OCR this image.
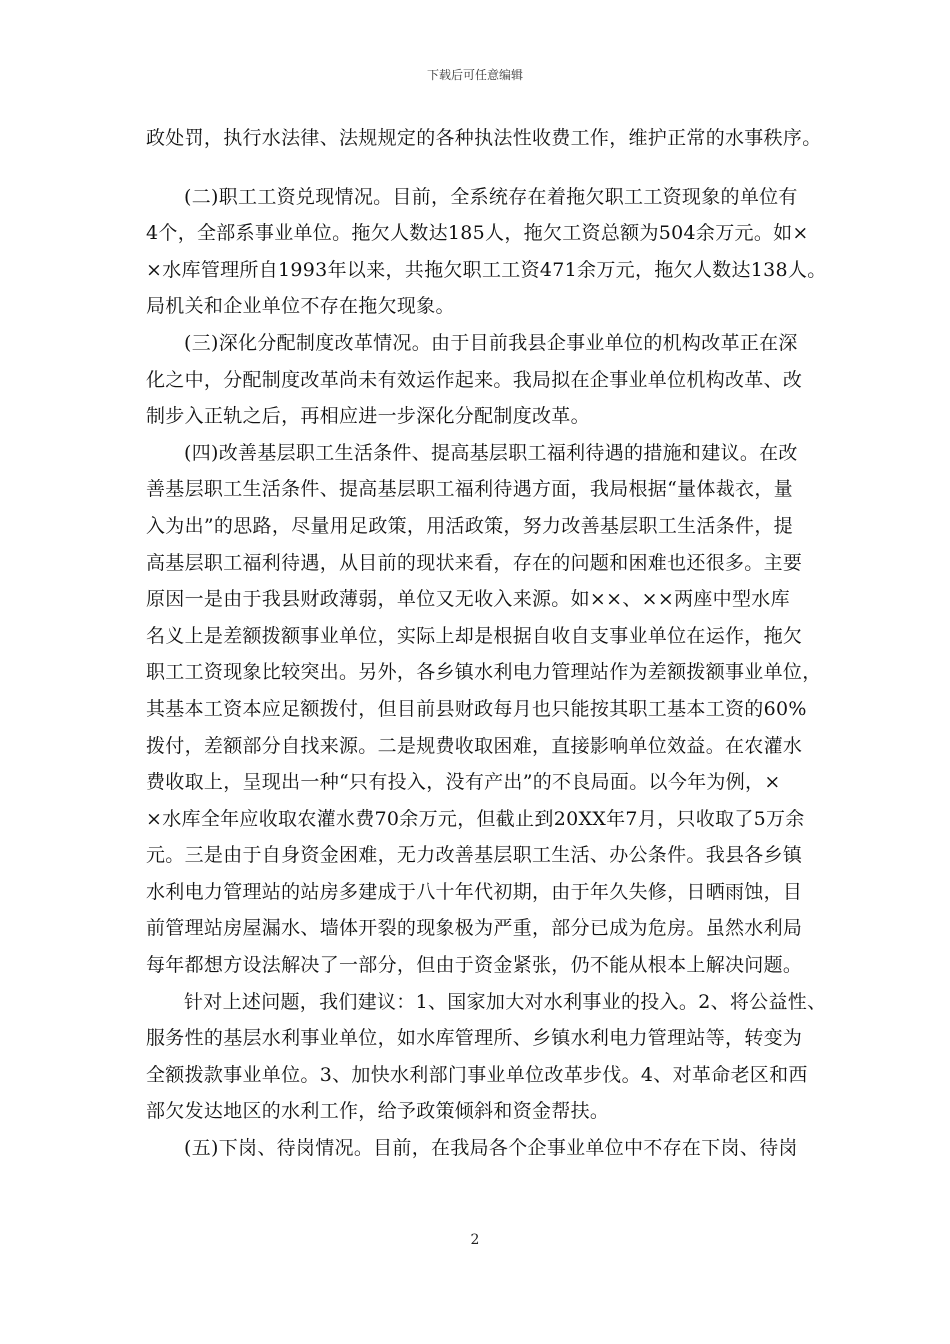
下载后可任意编辑
政处罚，执行水法律、法规规定的各种执法性收费工作，维护正常的水事秩序。
(二)职工工资兑现情况。目前，全系统存在着拖欠职工工资现象的单位有
4个，全部系事业单位。拖欠人数达185人，拖欠工资总额为504余万元。如×
×水库管理所自1993年以来，共拖欠职工工资471余万元，拖欠人数达138人。
局机关和企业单位不存在拖欠现象。
(三)深化分配制度改革情况。由于目前我县企事业单位的机构改革正在深
化之中，分配制度改革尚未有效运作起来。我局拟在企事业单位机构改革、改
制步入正轨之后，再相应进一步深化分配制度改革。
(四)改善基层职工生活条件、提高基层职工福利待遇的措施和建议。在改
善基层职工生活条件、提高基层职工福利待遇方面，我局根据“量体裁衣，量
入为出”的思路，尽量用足政策，用活政策，努力改善基层职工生活条件，提
高基层职工福利待遇，从目前的现状来看，存在的问题和困难也还很多。主要
原因一是由于我县财政薄弱，单位又无收入来源。如××、××两座中型水库
名义上是差额拨额事业单位，实际上却是根据自收自支事业单位在运作，拖欠
职工工资现象比较突出。另外，各乡镇水利电力管理站作为差额拨额事业单位，
其基本工资本应足额拨付，但目前县财政每月也只能按其职工基本工资的60%
拨付，差额部分自找来源。二是规费收取困难，直接影响单位效益。在农灌水
费收取上，呈现出一种“只有投入，没有产出”的不良局面。以今年为例，×
×水库全年应收取农灌水费70余万元，但截止到20XX年7月，只收取了5万余
元。三是由于自身资金困难，无力改善基层职工生活、办公条件。我县各乡镇
水利电力管理站的站房多建成于八十年代初期，由于年久失修，日晒雨蚀，目
前管理站房屋漏水、墙体开裂的现象极为严重，部分已成为危房。虽然水利局
每年都想方设法解决了一部分，但由于资金紧张，仍不能从根本上解决问题。
针对上述问题，我们建议：1、国家加大对水利事业的投入。2、将公益性、
服务性的基层水利事业单位，如水库管理所、乡镇水利电力管理站等，转变为
全额拨款事业单位。3、加快水利部门事业单位改革步伐。4、对革命老区和西
部欠发达地区的水利工作，给予政策倾斜和资金帮扶。
(五)下岗、待岗情况。目前，在我局各个企事业单位中不存在下岗、待岗
2
